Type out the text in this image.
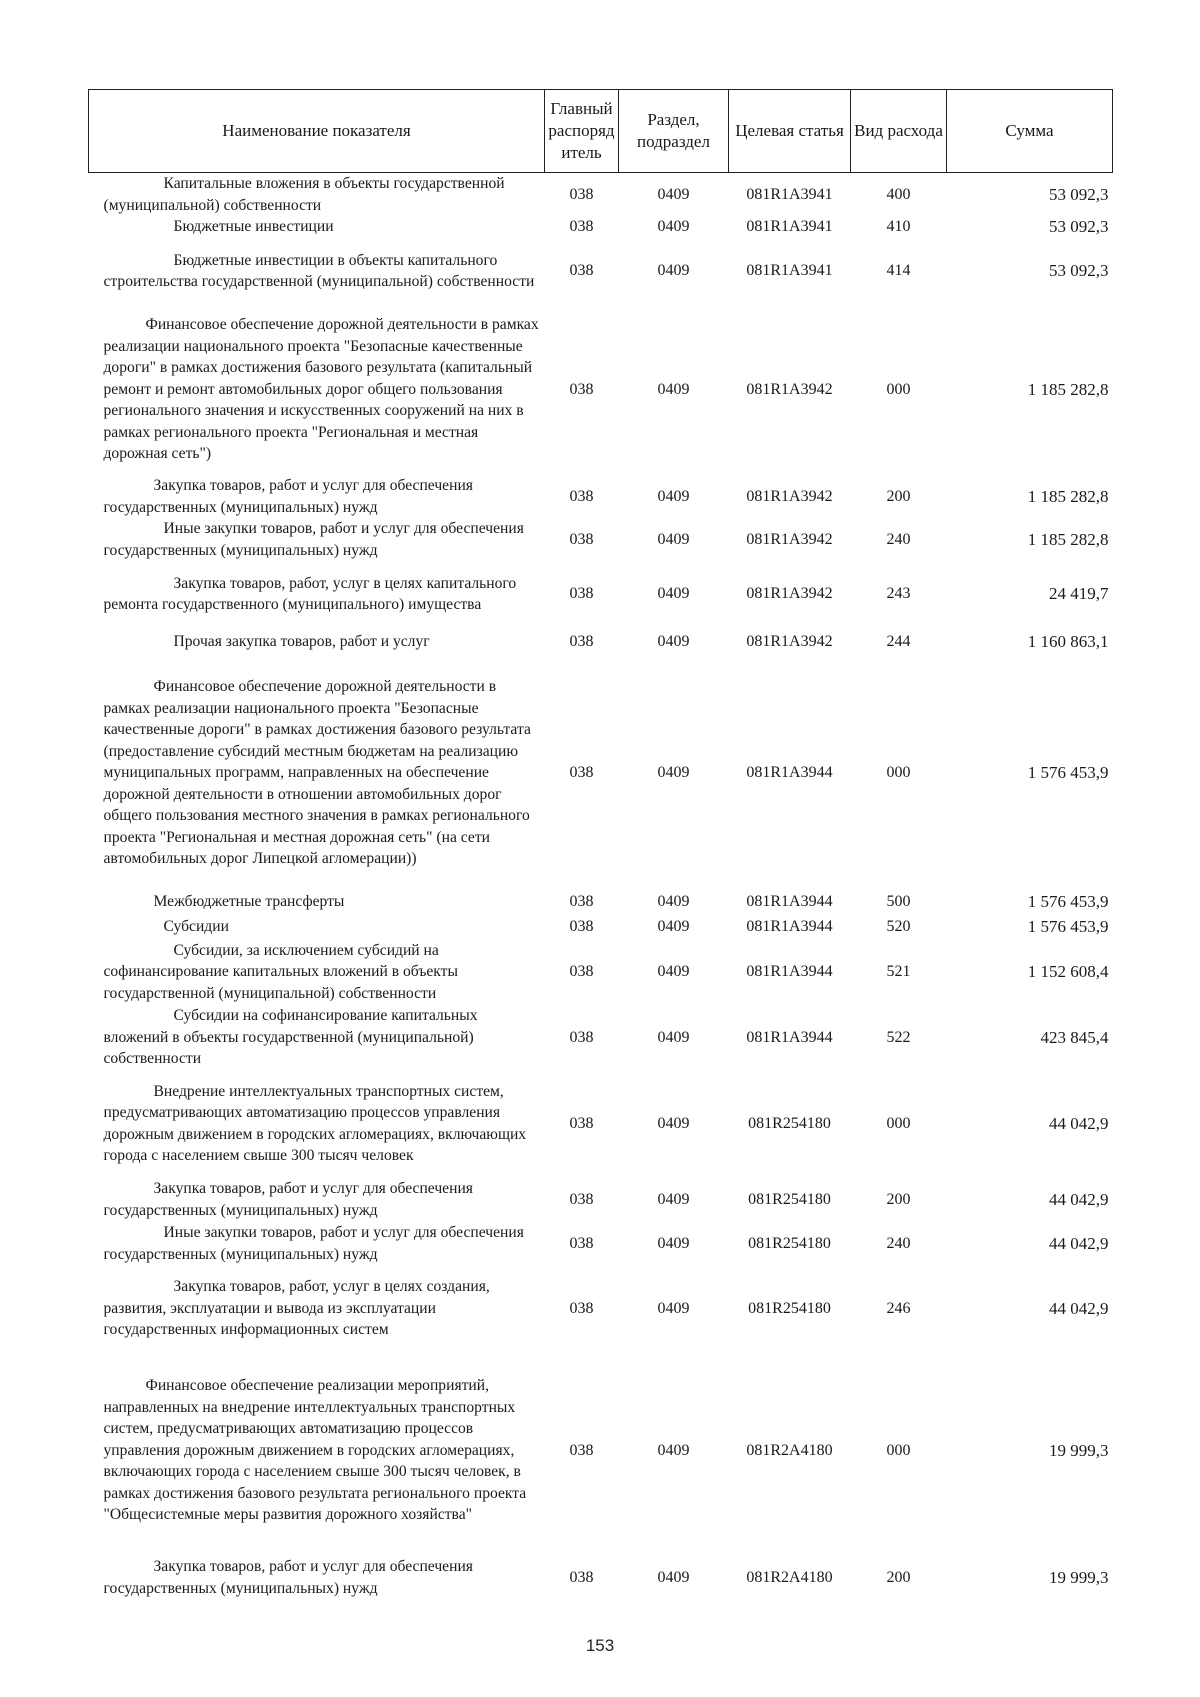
Наименование показателя	Главный распоряд итель	Раздел, подраздел	Целевая статья	Вид расхода	Сумма

Капитальные вложения в объекты государственной (муниципальной) собственности	038	0409	081R1A3941	400	53 092,3

Бюджетные инвестиции	038	0409	081R1A3941	410	53 092,3

Бюджетные инвестиции в объекты капитального строительства государственной (муниципальной) собственности	038	0409	081R1A3941	414	53 092,3

Финансовое обеспечение дорожной деятельности в рамках реализации национального проекта "Безопасные качественные дороги" в рамках достижения базового результата (капитальный ремонт и ремонт автомобильных дорог общего пользования регионального значения и искусственных сооружений на них в рамках регионального проекта "Региональная и местная дорожная сеть")	038	0409	081R1A3942	000	1 185 282,8

Закупка товаров, работ и услуг для обеспечения государственных (муниципальных) нужд	038	0409	081R1A3942	200	1 185 282,8

Иные закупки товаров, работ и услуг для обеспечения государственных (муниципальных) нужд	038	0409	081R1A3942	240	1 185 282,8

Закупка товаров, работ, услуг в целях капитального ремонта государственного (муниципального) имущества	038	0409	081R1A3942	243	24 419,7

Прочая закупка товаров, работ и услуг	038	0409	081R1A3942	244	1 160 863,1

Финансовое обеспечение дорожной деятельности в рамках реализации национального проекта "Безопасные качественные дороги" в рамках достижения базового результата (предоставление субсидий местным бюджетам на реализацию муниципальных программ, направленных на обеспечение дорожной деятельности в отношении автомобильных дорог общего пользования местного значения в рамках регионального проекта "Региональная и местная дорожная сеть" (на сети автомобильных дорог Липецкой агломерации))	038	0409	081R1A3944	000	1 576 453,9

Межбюджетные трансферты	038	0409	081R1A3944	500	1 576 453,9

Субсидии	038	0409	081R1A3944	520	1 576 453,9

Субсидии, за исключением субсидий на софинансирование капитальных вложений в объекты государственной (муниципальной) собственности	038	0409	081R1A3944	521	1 152 608,4

Субсидии на софинансирование капитальных вложений в объекты государственной (муниципальной) собственности	038	0409	081R1A3944	522	423 845,4

Внедрение интеллектуальных транспортных систем, предусматривающих автоматизацию процессов управления дорожным движением в городских агломерациях, включающих города с населением свыше 300 тысяч человек	038	0409	081R254180	000	44 042,9

Закупка товаров, работ и услуг для обеспечения государственных (муниципальных) нужд	038	0409	081R254180	200	44 042,9

Иные закупки товаров, работ и услуг для обеспечения государственных (муниципальных) нужд	038	0409	081R254180	240	44 042,9

Закупка товаров, работ, услуг в целях создания, развития, эксплуатации и вывода из эксплуатации государственных информационных систем	038	0409	081R254180	246	44 042,9

Финансовое обеспечение реализации мероприятий, направленных на внедрение интеллектуальных транспортных систем, предусматривающих автоматизацию процессов управления дорожным движением в городских агломерациях, включающих города с населением свыше 300 тысяч человек, в рамках достижения базового результата регионального проекта "Общесистемные меры развития дорожного хозяйства"	038	0409	081R2A4180	000	19 999,3

Закупка товаров, работ и услуг для обеспечения государственных (муниципальных) нужд	038	0409	081R2A4180	200	19 999,3
153
